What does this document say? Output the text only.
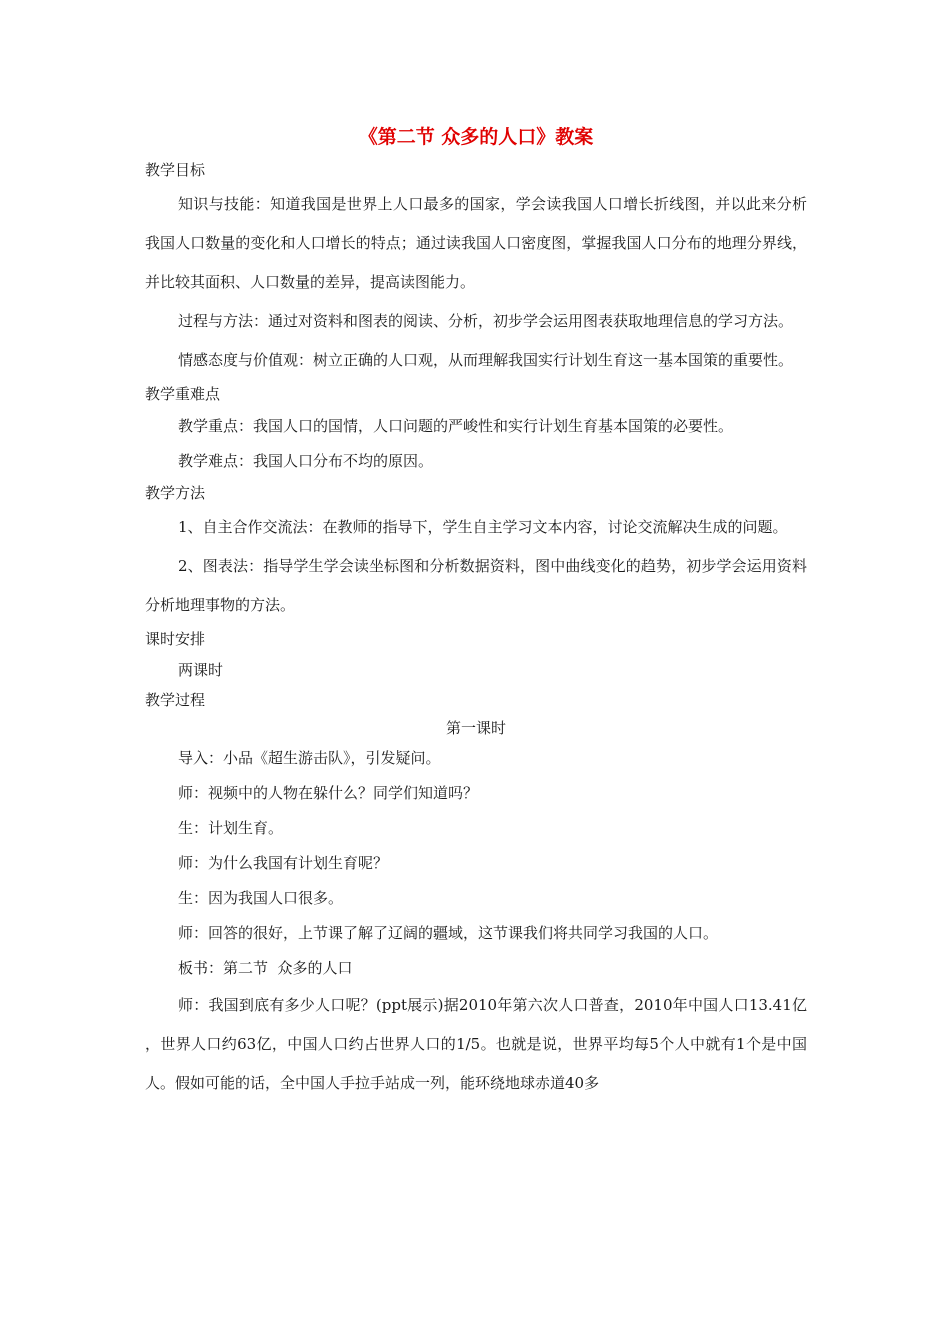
《第二节 众多的人口》教案

教学目标

知识与技能：知道我国是世界上人口最多的国家，学会读我国人口增长折线图，并以此来分析我国人口数量的变化和人口增长的特点；通过读我国人口密度图，掌握我国人口分布的地理分界线，并比较其面积、人口数量的差异，提高读图能力。

过程与方法：通过对资料和图表的阅读、分析，初步学会运用图表获取地理信息的学习方法。

情感态度与价值观：树立正确的人口观，从而理解我国实行计划生育这一基本国策的重要性。

教学重难点

教学重点：我国人口的国情，人口问题的严峻性和实行计划生育基本国策的必要性。

教学难点：我国人口分布不均的原因。

教学方法

1、自主合作交流法：在教师的指导下，学生自主学习文本内容，讨论交流解决生成的问题。

2、图表法：指导学生学会读坐标图和分析数据资料，图中曲线变化的趋势，初步学会运用资料分析地理事物的方法。

课时安排

两课时

教学过程

第一课时

导入：小品《超生游击队》，引发疑问。

师：视频中的人物在躲什么？同学们知道吗？

生：计划生育。

师：为什么我国有计划生育呢？

生：因为我国人口很多。

师：回答的很好，上节课了解了辽阔的疆域，这节课我们将共同学习我国的人口。

板书：第二节  众多的人口

师：我国到底有多少人口呢？(ppt展示)据2010年第六次人口普查，2010年中国人口13.41亿 ，世界人口约63亿，中国人口约占世界人口的1/5。也就是说，世界平均每5个人中就有1个是中国人。假如可能的话，全中国人手拉手站成一列，能环绕地球赤道40多
